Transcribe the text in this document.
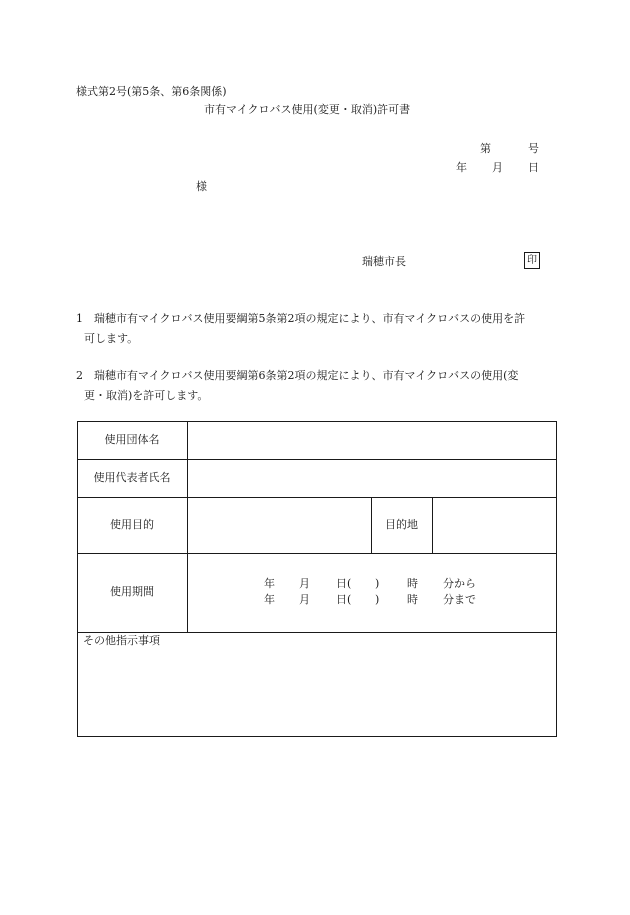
様式第2号(第5条、第6条関係)
市有マイクロバス使用(変更・取消)許可書
第	号
年 月 日
様
瑞穂市長	印
1	瑞穂市有マイクロバス使用要綱第5条第2項の規定により、市有マイクロバスの使用を許
可します。
2	瑞穂市有マイクロバス使用要綱第6条第2項の規定により、市有マイクロバスの使用(変
更・取消)を許可します。
使用団体名
使用代表者氏名
使用目的	目的地
使用期間
年 月 日( )	時 分から
年 月 日( )	時 分まで
その他指示事項
